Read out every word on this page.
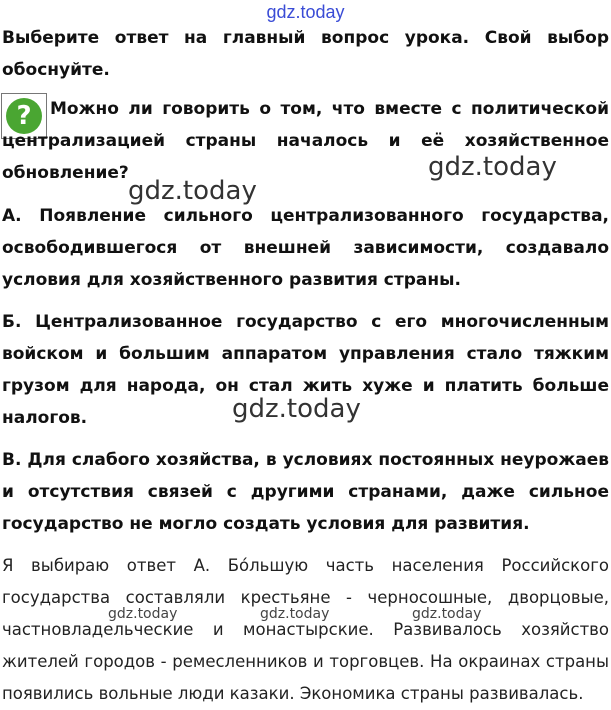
gdz.today
Выберите ответ на главный вопрос урока. Свой выбор обоснуйте.
?	Можно ли говорить о том, что вместе с политической централизацией страны началось и её хозяйственное обновление?
А. Появление сильного централизованного государства, освободившегося от внешней зависимости, создавало условия для хозяйственного развития страны.
Б. Централизованное государство с его многочисленным войском и большим аппаратом управления стало тяжким грузом для народа, он стал жить хуже и платить больше налогов.
В. Для слабого хозяйства, в условиях постоянных неурожаев и отсутствия связей с другими странами, даже сильное государство не могло создать условия для развития.
Я выбираю ответ А. Бо́льшую часть населения Российского государства составляли крестьяне - черносошные, дворцовые, частновладельческие и монастырские. Развивалось хозяйство жителей городов - ремесленников и торговцев. На окраинах страны появились вольные люди казаки. Экономика страны развивалась.
gdz.today
gdz.today
gdz.today
gdz.today	gdz.today	gdz.today
